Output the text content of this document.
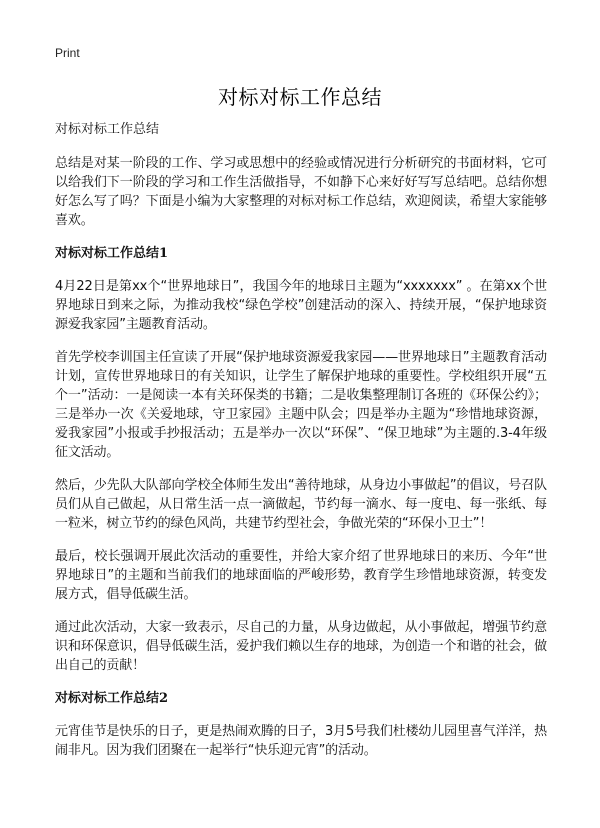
Print
对标对标工作总结

对标对标工作总结

总结是对某一阶段的工作、学习或思想中的经验或情况进行分析研究的书面材料，它可以给我们下一阶段的学习和工作生活做指导，不如静下心来好好写写总结吧。总结你想好怎么写了吗？下面是小编为大家整理的对标对标工作总结，欢迎阅读，希望大家能够喜欢。

对标对标工作总结1

4月22日是第xx个“世界地球日”，我国今年的地球日主题为“xxxxxxx” 。在第xx个世界地球日到来之际，为推动我校“绿色学校”创建活动的深入、持续开展，“保护地球资源爱我家园”主题教育活动。

首先学校李训国主任宣读了开展“保护地球资源爱我家园——世界地球日”主题教育活动计划，宣传世界地球日的有关知识，让学生了解保护地球的重要性。学校组织开展“五个一”活动：一是阅读一本有关环保类的书籍；二是收集整理制订各班的《环保公约》；三是举办一次《关爱地球，守卫家园》主题中队会；四是举办主题为“珍惜地球资源，爱我家园”小报或手抄报活动；五是举办一次以“环保”、“保卫地球”为主题的.3-4年级征文活动。

然后，少先队大队部向学校全体师生发出“善待地球，从身边小事做起”的倡议，号召队员们从自己做起，从日常生活一点一滴做起，节约每一滴水、每一度电、每一张纸、每一粒米，树立节约的绿色风尚，共建节约型社会，争做光荣的“环保小卫士”！

最后，校长强调开展此次活动的重要性，并给大家介绍了世界地球日的来历、今年“世界地球日”的主题和当前我们的地球面临的严峻形势，教育学生珍惜地球资源，转变发展方式，倡导低碳生活。

通过此次活动，大家一致表示，尽自己的力量，从身边做起，从小事做起，增强节约意识和环保意识，倡导低碳生活，爱护我们赖以生存的地球，为创造一个和谐的社会，做出自己的贡献！

对标对标工作总结2

元宵佳节是快乐的日子，更是热闹欢腾的日子，3月5号我们杜楼幼儿园里喜气洋洋，热闹非凡。因为我们团聚在一起举行“快乐迎元宵”的活动。
